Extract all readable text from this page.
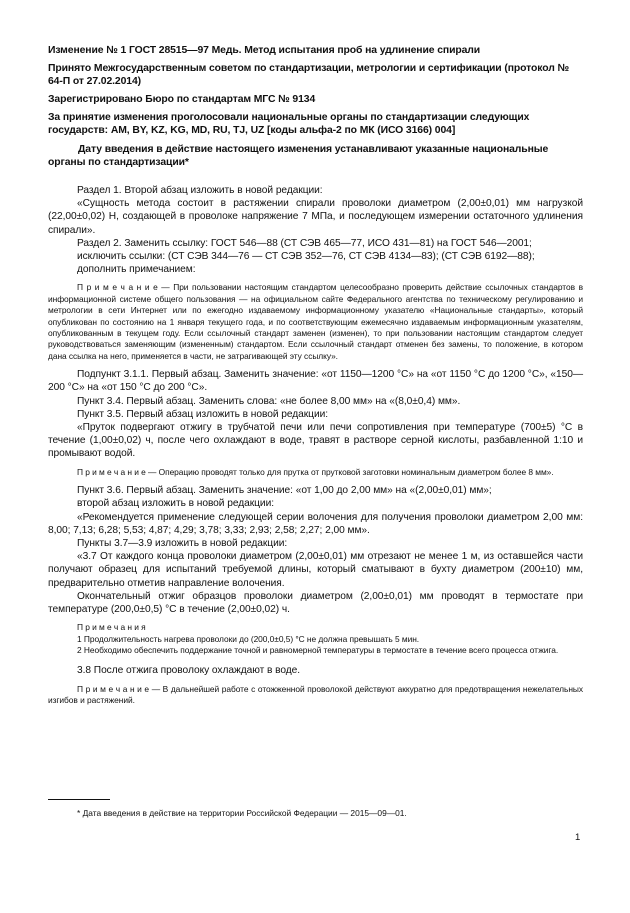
Изменение № 1 ГОСТ 28515—97 Медь. Метод испытания проб на удлинение спирали

Принято Межгосударственным советом по стандартизации, метрологии и сертификации (протокол № 64-П от 27.02.2014)

Зарегистрировано Бюро по стандартам МГС № 9134

За принятие изменения проголосовали национальные органы по стандартизации следующих государств: AM, BY, KZ, KG, MD, RU, TJ, UZ [коды альфа-2 по МК (ИСО 3166) 004]

Дату введения в действие настоящего изменения устанавливают указанные национальные органы по стандартизации*

Раздел 1. Второй абзац изложить в новой редакции:

«Сущность метода состоит в растяжении спирали проволоки диаметром (2,00±0,01) мм нагрузкой (22,00±0,02) Н, создающей в проволоке напряжение 7 МПа, и последующем измерении остаточного удлинения спирали».

Раздел 2. Заменить ссылку: ГОСТ 546—88 (СТ СЭВ 465—77, ИСО 431—81) на ГОСТ 546—2001;

исключить ссылки: (СТ СЭВ 344—76 — СТ СЭВ 352—76, СТ СЭВ 4134—83); (СТ СЭВ 6192—88);

дополнить примечанием:

П р и м е ч а н и е — При пользовании настоящим стандартом целесообразно проверить действие ссылочных стандартов в информационной системе общего пользования — на официальном сайте Федерального агентства по техническому регулированию и метрологии в сети Интернет или по ежегодно издаваемому информационному указателю «Национальные стандарты», который опубликован по состоянию на 1 января текущего года, и по соответствующим ежемесячно издаваемым информационным указателям, опубликованным в текущем году. Если ссылочный стандарт заменен (изменен), то при пользовании настоящим стандартом следует руководствоваться заменяющим (измененным) стандартом. Если ссылочный стандарт отменен без замены, то положение, в котором дана ссылка на него, применяется в части, не затрагивающей эту ссылку».

Подпункт 3.1.1. Первый абзац. Заменить значение: «от 1150—1200 °С» на «от 1150 °С до 1200 °С», «150—200 °С» на «от 150 °С до 200 °С».

Пункт 3.4. Первый абзац. Заменить слова: «не более 8,00 мм» на «(8,0±0,4) мм».

Пункт 3.5. Первый абзац изложить в новой редакции:

«Пруток подвергают отжигу в трубчатой печи или печи сопротивления при температуре (700±5) °С в течение (1,00±0,02) ч, после чего охлаждают в воде, травят в растворе серной кислоты, разбавленной 1:10 и промывают водой.

П р и м е ч а н и е — Операцию проводят только для прутка от прутковой заготовки номинальным диаметром более 8 мм».

Пункт 3.6. Первый абзац. Заменить значение: «от 1,00 до 2,00 мм» на «(2,00±0,01) мм»;

второй абзац изложить в новой редакции:

«Рекомендуется применение следующей серии волочения для получения проволоки диаметром 2,00 мм: 8,00; 7,13; 6,28; 5,53; 4,87; 4,29; 3,78; 3,33; 2,93; 2,58; 2,27; 2,00 мм».

Пункты 3.7—3.9 изложить в новой редакции:

«3.7 От каждого конца проволоки диаметром (2,00±0,01) мм отрезают не менее 1 м, из оставшейся части получают образец для испытаний требуемой длины, который сматывают в бухту диаметром (200±10) мм, предварительно отметив направление волочения.

Окончательный отжиг образцов проволоки диаметром (2,00±0,01) мм проводят в термостате при температуре (200,0±0,5) °С в течение (2,00±0,02) ч.

П р и м е ч а н и я

1 Продолжительность нагрева проволоки до (200,0±0,5) °С не должна превышать 5 мин.

2 Необходимо обеспечить поддержание точной и равномерной температуры в термостате в течение всего процесса отжига.

3.8 После отжига проволоку охлаждают в воде.

П р и м е ч а н и е — В дальнейшей работе с отожженной проволокой действуют аккуратно для предотвращения нежелательных изгибов и растяжений.

* Дата введения в действие на территории Российской Федерации — 2015—09—01.
1
